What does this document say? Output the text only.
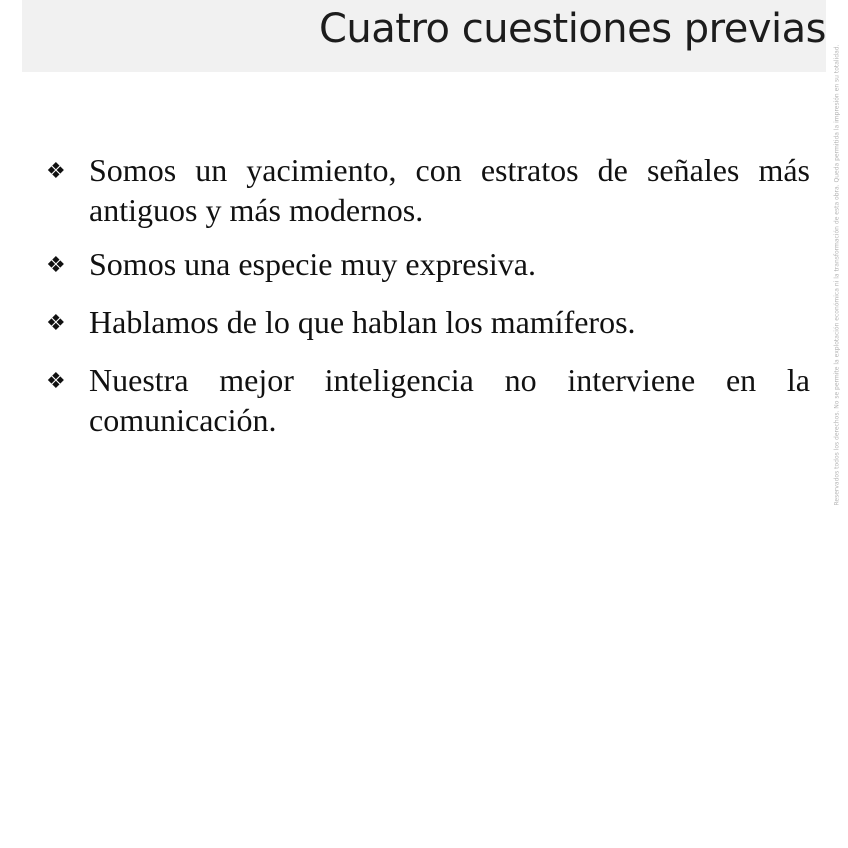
Cuatro cuestiones previas
❖ Somos un yacimiento, con estratos de señales más antiguos y más modernos.
❖ Somos una especie muy expresiva.
❖ Hablamos de lo que hablan los mamíferos.
❖ Nuestra mejor inteligencia no interviene en la comunicación.	Reservados todos los derechos. No se permite la explotación económica ni la transformación de esta obra. Queda permitida la impresión en su totalidad.
